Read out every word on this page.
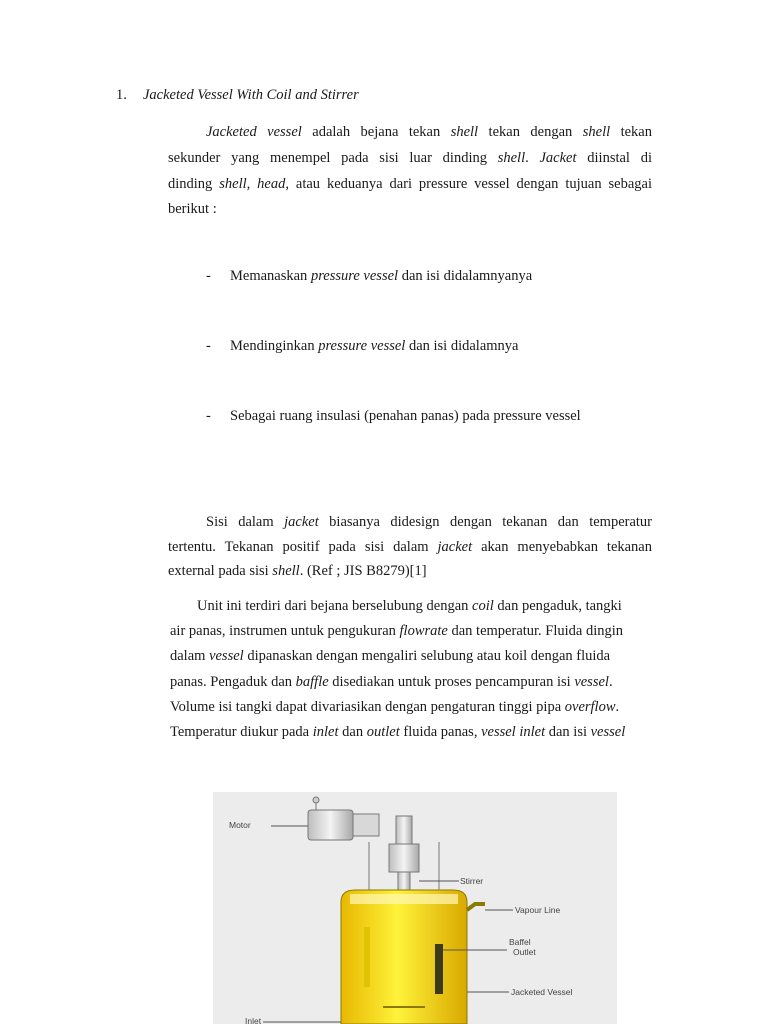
1. Jacketed Vessel With Coil and Stirrer
Jacketed vessel adalah bejana tekan shell tekan dengan shell tekan
sekunder yang menempel pada sisi luar dinding shell. Jacket diinstal di
dinding shell, head, atau keduanya dari pressure vessel dengan tujuan sebagai
berikut :
- Memanaskan pressure vessel dan isi didalamnyanya
- Mendinginkan pressure vessel dan isi didalamnya
- Sebagai ruang insulasi (penahan panas) pada pressure vessel
Sisi dalam jacket biasanya didesign dengan tekanan dan temperatur
tertentu. Tekanan positif pada sisi dalam jacket akan menyebabkan tekanan
external pada sisi shell. (Ref ; JIS B8279)[1]
Unit ini terdiri dari bejana berselubung dengan coil dan pengaduk, tangki
air panas, instrumen untuk pengukuran flowrate dan temperatur. Fluida dingin
dalam vessel dipanaskan dengan mengaliri selubung atau koil dengan fluida
panas. Pengaduk dan baffle disediakan untuk proses pencampuran isi vessel.
Volume isi tangki dapat divariasikan dengan pengaturan tinggi pipa overflow.
Temperatur diukur pada inlet dan outlet fluida panas, vessel inlet dan isi vessel
Motor
Stirrer
Vapour Line
Baffel
Outlet
Jacketed Vessel
Inlet
